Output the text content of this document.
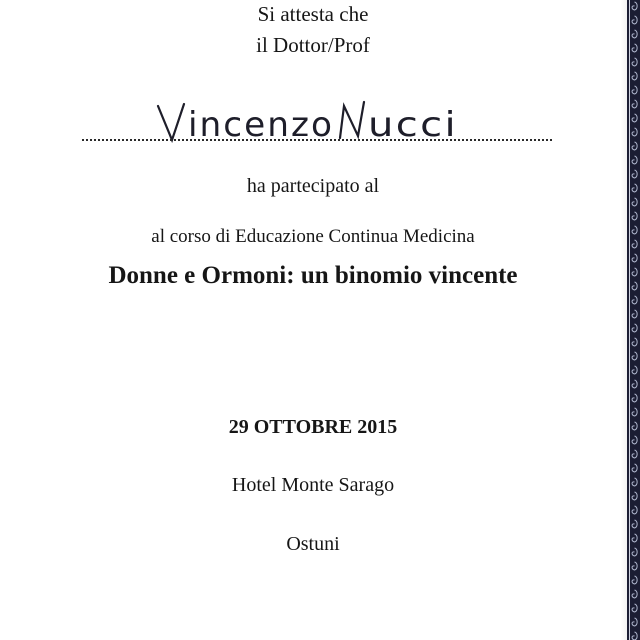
Si attesta che
il Dottor/Prof
incenzo ucci
ha partecipato al
al corso di Educazione Continua Medicina
Donne e Ormoni: un binomio vincente
29 OTTOBRE 2015
Hotel Monte Sarago
Ostuni
